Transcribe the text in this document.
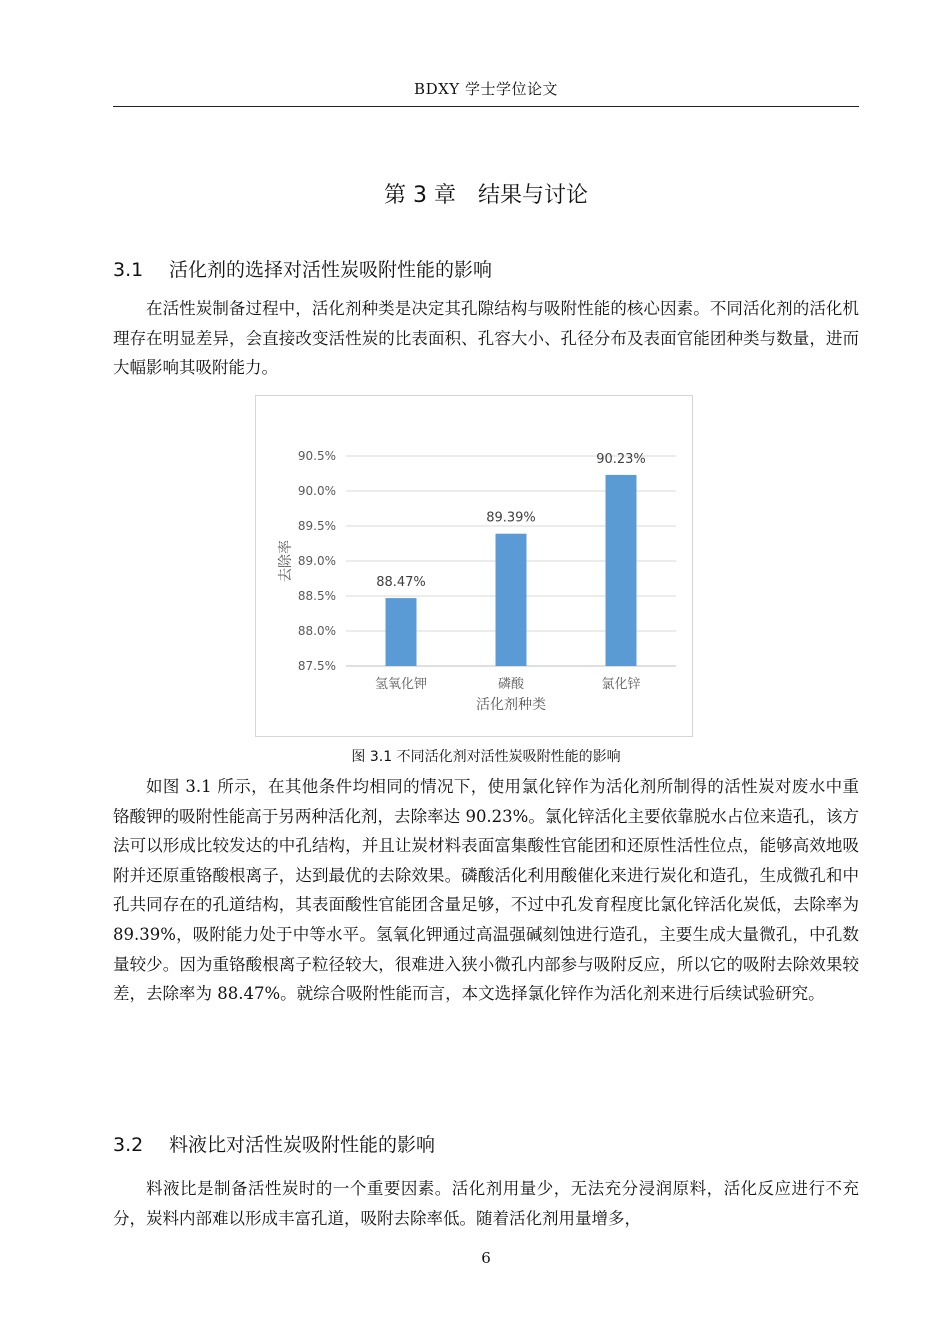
BDXY 学士学位论文
第 3 章　结果与讨论
3.1 活化剂的选择对活性炭吸附性能的影响

在活性炭制备过程中，活化剂种类是决定其孔隙结构与吸附性能的核心因素。不同活化剂的活化机理存在明显差异，会直接改变活性炭的比表面积、孔容大小、孔径分布及表面官能团种类与数量，进而大幅影响其吸附能力。

87.5%
88.0%
88.5%
89.0%
89.5%
90.0%
90.5%
88.47%
氢氧化钾
89.39%
磷酸
90.23%
氯化锌
活化剂种类
去除率
图 3.1 不同活化剂对活性炭吸附性能的影响

如图 3.1 所示，在其他条件均相同的情况下，使用氯化锌作为活化剂所制得的活性炭对废水中重铬酸钾的吸附性能高于另两种活化剂，去除率达 90.23%。氯化锌活化主要依靠脱水占位来造孔，该方法可以形成比较发达的中孔结构，并且让炭材料表面富集酸性官能团和还原性活性位点，能够高效地吸附并还原重铬酸根离子，达到最优的去除效果。磷酸活化利用酸催化来进行炭化和造孔，生成微孔和中孔共同存在的孔道结构，其表面酸性官能团含量足够，不过中孔发育程度比氯化锌活化炭低，去除率为 89.39%，吸附能力处于中等水平。氢氧化钾通过高温强碱刻蚀进行造孔，主要生成大量微孔，中孔数量较少。因为重铬酸根离子粒径较大，很难进入狭小微孔内部参与吸附反应，所以它的吸附去除效果较差，去除率为 88.47%。就综合吸附性能而言，本文选择氯化锌作为活化剂来进行后续试验研究。

3.2 料液比对活性炭吸附性能的影响

料液比是制备活性炭时的一个重要因素。活化剂用量少，无法充分浸润原料，活化反应进行不充分，炭料内部难以形成丰富孔道，吸附去除率低。随着活化剂用量增多，

6
